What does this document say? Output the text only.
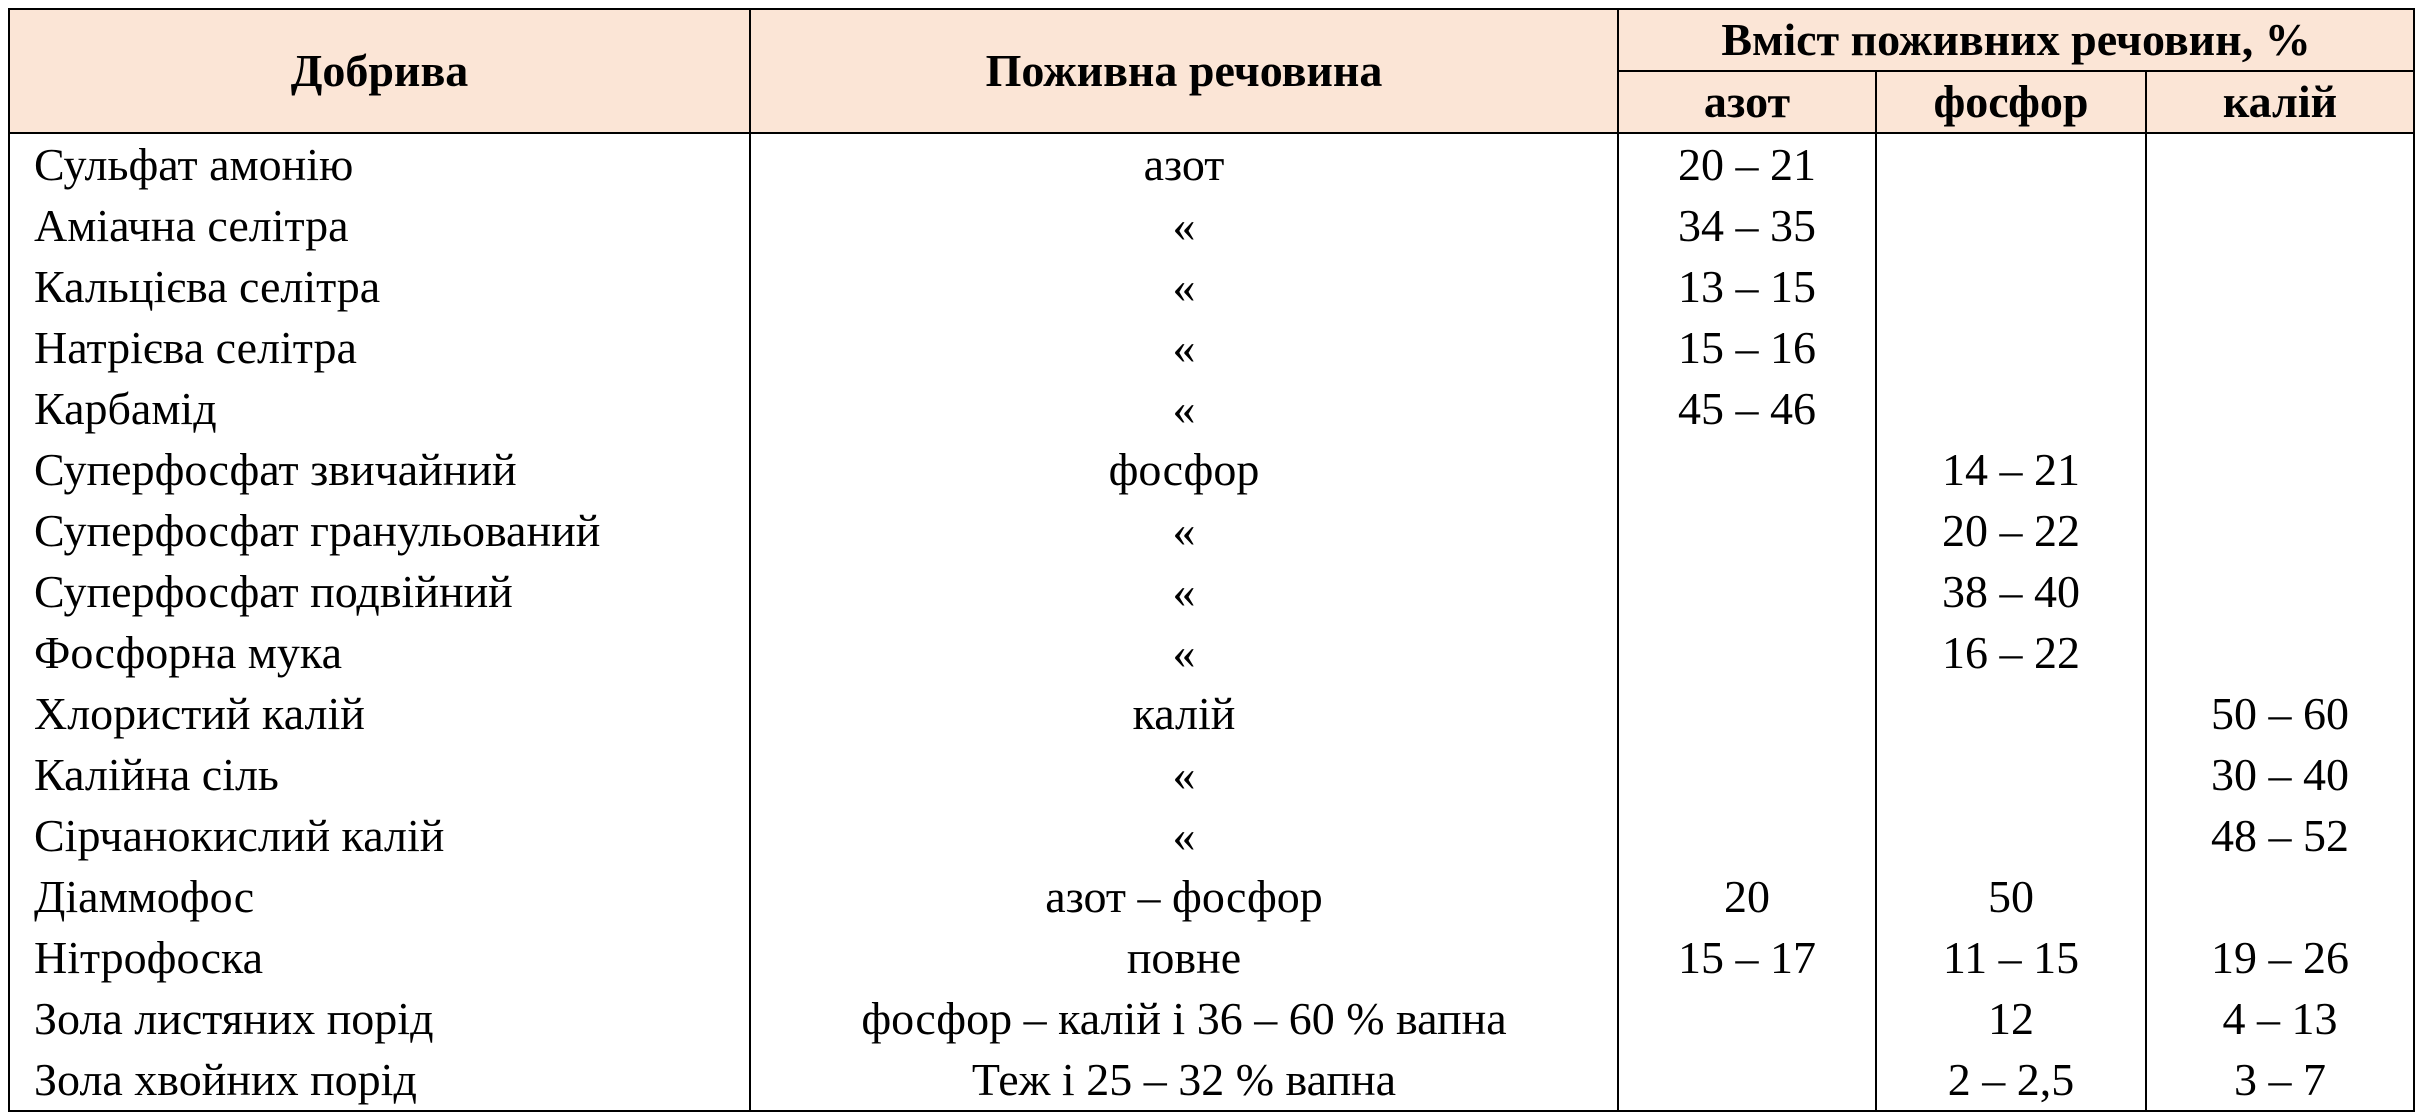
Добрива	Поживна речовина	Вміст поживних речовин, %		
		азот	фосфор	калій
Сульфат амонію	азот	20 – 21		
Аміачна селітра	«	34 – 35		
Кальцієва селітра	«	13 – 15		
Натрієва селітра	«	15 – 16		
Карбамід	«	45 – 46		
Суперфосфат звичайний	фосфор		14 – 21	
Суперфосфат гранульований	«		20 – 22	
Суперфосфат подвійний	«		38 – 40	
Фосфорна мука	«		16 – 22	
Хлористий калій	калій			50 – 60
Калійна сіль	«			30 – 40
Сірчанокислий калій	«			48 – 52
Діаммофос	азот – фосфор	20	50	
Нітрофоска	повне	15 – 17	11 – 15	19 – 26
Зола листяних порід	фосфор – калій і 36 – 60 % вапна		12	4 – 13
Зола хвойних порід	Теж і 25 – 32 % вапна		2 – 2,5	3 – 7
